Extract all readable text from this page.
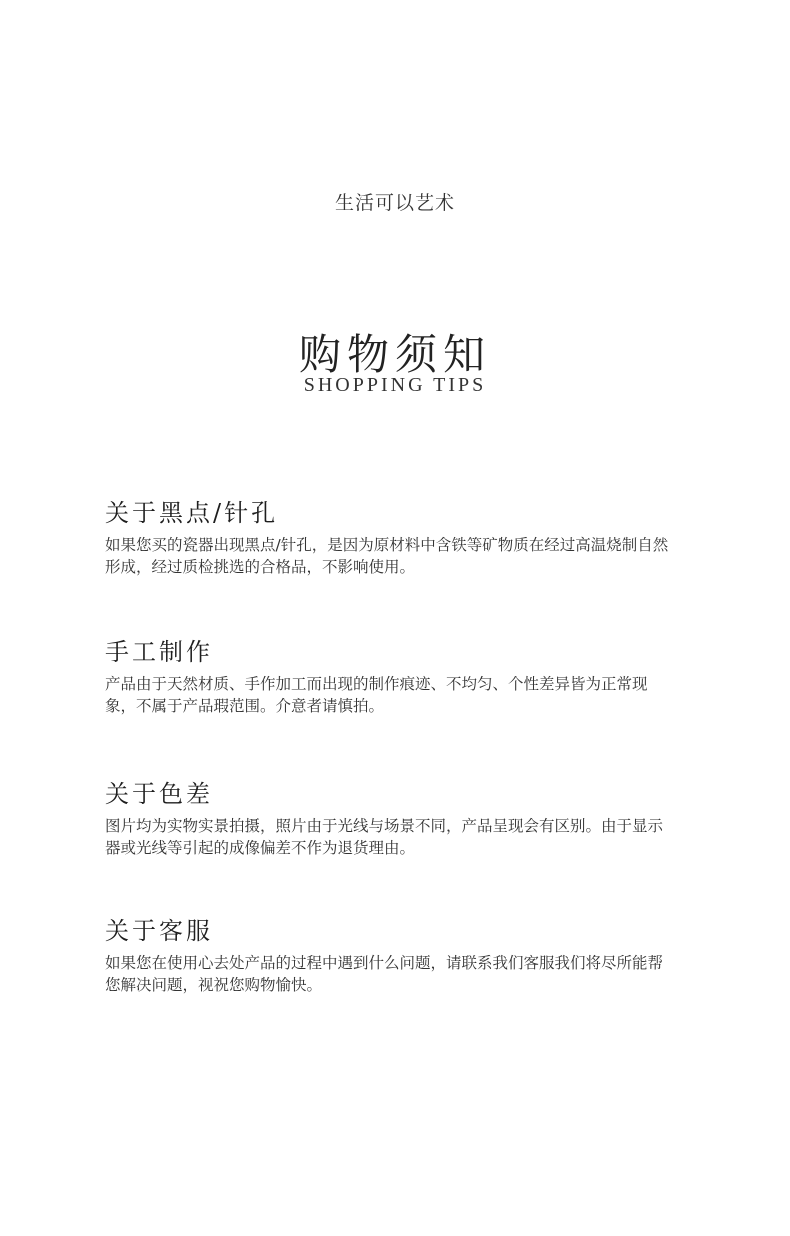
生活可以艺术
购物须知
SHOPPING TIPS
关于黑点/针孔

如果您买的瓷器出现黑点/针孔，是因为原材料中含铁等矿物质在经过高温烧制自然形成，经过质检挑选的合格品，不影响使用。

手工制作

产品由于天然材质、手作加工而出现的制作痕迹、不均匀、个性差异皆为正常现象，不属于产品瑕范围。介意者请慎拍。

关于色差

图片均为实物实景拍摄，照片由于光线与场景不同，产品呈现会有区别。由于显示器或光线等引起的成像偏差不作为退货理由。

关于客服

如果您在使用心去处产品的过程中遇到什么问题，请联系我们客服我们将尽所能帮您解决问题，视祝您购物愉快。
